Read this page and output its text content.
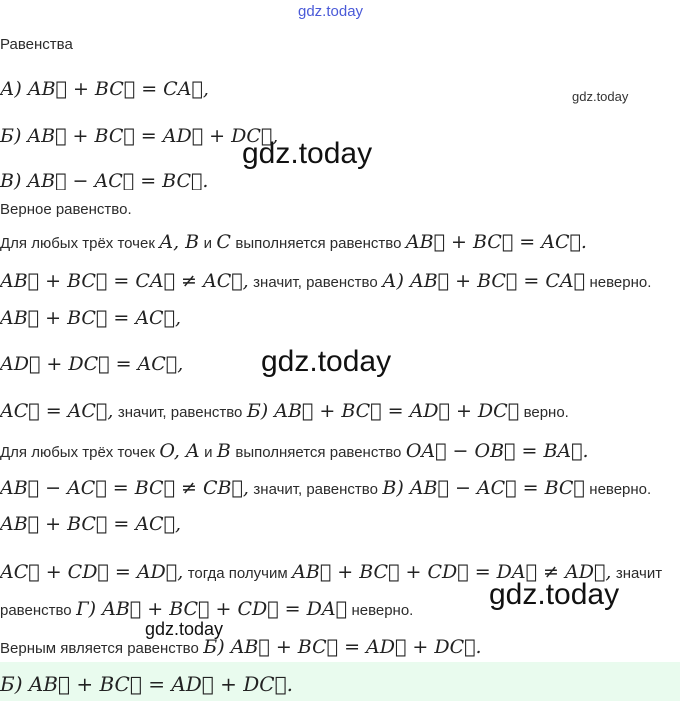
gdz.today
gdz.today
gdz.today
gdz.today
gdz.today
gdz.today
Равенства
А) AB⃗ + BC⃗ = CA⃗,
Б) AB⃗ + BC⃗ = AD⃗ + DC⃗,
В) AB⃗ − AC⃗ = BC⃗.
Верное равенство.
Для любых трёх точек A, B и C выполняется равенство AB⃗ + BC⃗ = AC⃗.
AB⃗ + BC⃗ = CA⃗ ≠ AC⃗, значит, равенство А) AB⃗ + BC⃗ = CA⃗ неверно.
AB⃗ + BC⃗ = AC⃗,
AD⃗ + DC⃗ = AC⃗,
AC⃗ = AC⃗, значит, равенство Б) AB⃗ + BC⃗ = AD⃗ + DC⃗ верно.
Для любых трёх точек O, A и B выполняется равенство OA⃗ − OB⃗ = BA⃗.
AB⃗ − AC⃗ = BC⃗ ≠ CB⃗, значит, равенство В) AB⃗ − AC⃗ = BC⃗ неверно.
AB⃗ + BC⃗ = AC⃗,
AC⃗ + CD⃗ = AD⃗, тогда получим AB⃗ + BC⃗ + CD⃗ = DA⃗ ≠ AD⃗, значит
равенство Г) AB⃗ + BC⃗ + CD⃗ = DA⃗ неверно.
Верным является равенство Б) AB⃗ + BC⃗ = AD⃗ + DC⃗.
Б) AB⃗ + BC⃗ = AD⃗ + DC⃗.
